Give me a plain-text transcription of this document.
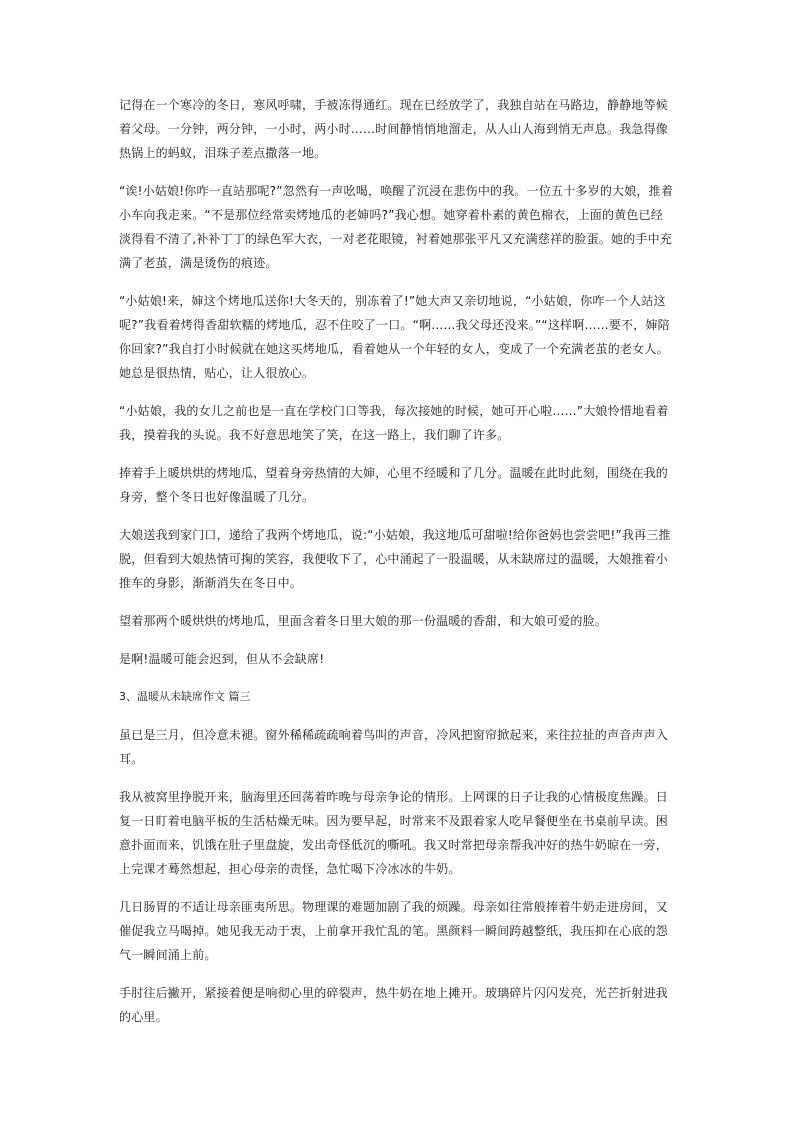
记得在一个寒冷的冬日，寒风呼啸，手被冻得通红。现在已经放学了，我独自站在马路边，静静地等候着父母。一分钟，两分钟，一小时，两小时……时间静悄悄地溜走，从人山人海到悄无声息。我急得像热锅上的蚂蚁，泪珠子差点撒落一地。

“诶!小姑娘!你咋一直站那呢?”忽然有一声吆喝，唤醒了沉浸在悲伤中的我。一位五十多岁的大娘，推着小车向我走来。“不是那位经常卖烤地瓜的老婶吗?”我心想。她穿着朴素的黄色棉衣，上面的黄色已经淡得看不清了,补补丁丁的绿色军大衣，一对老花眼镜，衬着她那张平凡又充满慈祥的脸蛋。她的手中充满了老茧，满是烫伤的痕迹。

“小姑娘!来，婶这个烤地瓜送你!大冬天的，别冻着了!”她大声又亲切地说，“小姑娘，你咋一个人站这呢?”我看着烤得香甜软糯的烤地瓜，忍不住咬了一口。“啊……我父母还没来。”“这样啊……要不，婶陪你回家?”我自打小时候就在她这买烤地瓜，看着她从一个年轻的女人，变成了一个充满老茧的老女人。她总是很热情，贴心，让人很放心。

“小姑娘，我的女儿之前也是一直在学校门口等我，每次接她的时候，她可开心啦……”大娘怜惜地看着我，摸着我的头说。我不好意思地笑了笑，在这一路上，我们聊了许多。

捧着手上暖烘烘的烤地瓜，望着身旁热情的大婶，心里不经暖和了几分。温暖在此时此刻，围绕在我的身旁，整个冬日也好像温暖了几分。

大娘送我到家门口，递给了我两个烤地瓜，说:“小姑娘，我这地瓜可甜啦!给你爸妈也尝尝吧!”我再三推脱，但看到大娘热情可掬的笑容，我便收下了，心中涌起了一股温暖，从未缺席过的温暖，大娘推着小推车的身影，渐渐消失在冬日中。

望着那两个暖烘烘的烤地瓜，里面含着冬日里大娘的那一份温暖的香甜，和大娘可爱的脸。

是啊!温暖可能会迟到，但从不会缺席!

3、温暖从未缺席作文 篇三

虽已是三月，但冷意未褪。窗外稀稀疏疏响着鸟叫的声音，冷风把窗帘掀起来，来往拉扯的声音声声入耳。

我从被窝里挣脱开来，脑海里还回荡着昨晚与母亲争论的情形。上网课的日子让我的心情极度焦躁。日复一日盯着电脑平板的生活枯燥无味。因为要早起，时常来不及跟着家人吃早餐便坐在书桌前早读。困意扑面而来，饥饿在肚子里盘旋，发出奇怪低沉的嘶吼。我又时常把母亲帮我冲好的热牛奶晾在一旁，上完课才蓦然想起，担心母亲的责怪，急忙喝下冷冰冰的牛奶。

几日肠胃的不适让母亲匪夷所思。物理课的难题加剧了我的烦躁。母亲如往常般捧着牛奶走进房间，又催促我立马喝掉。她见我无动于衷，上前拿开我忙乱的笔。黑颜料一瞬间跨越整纸，我压抑在心底的怨气一瞬间涌上前。

手肘往后撇开，紧接着便是响彻心里的碎裂声，热牛奶在地上摊开。玻璃碎片闪闪发亮，光芒折射进我的心里。
